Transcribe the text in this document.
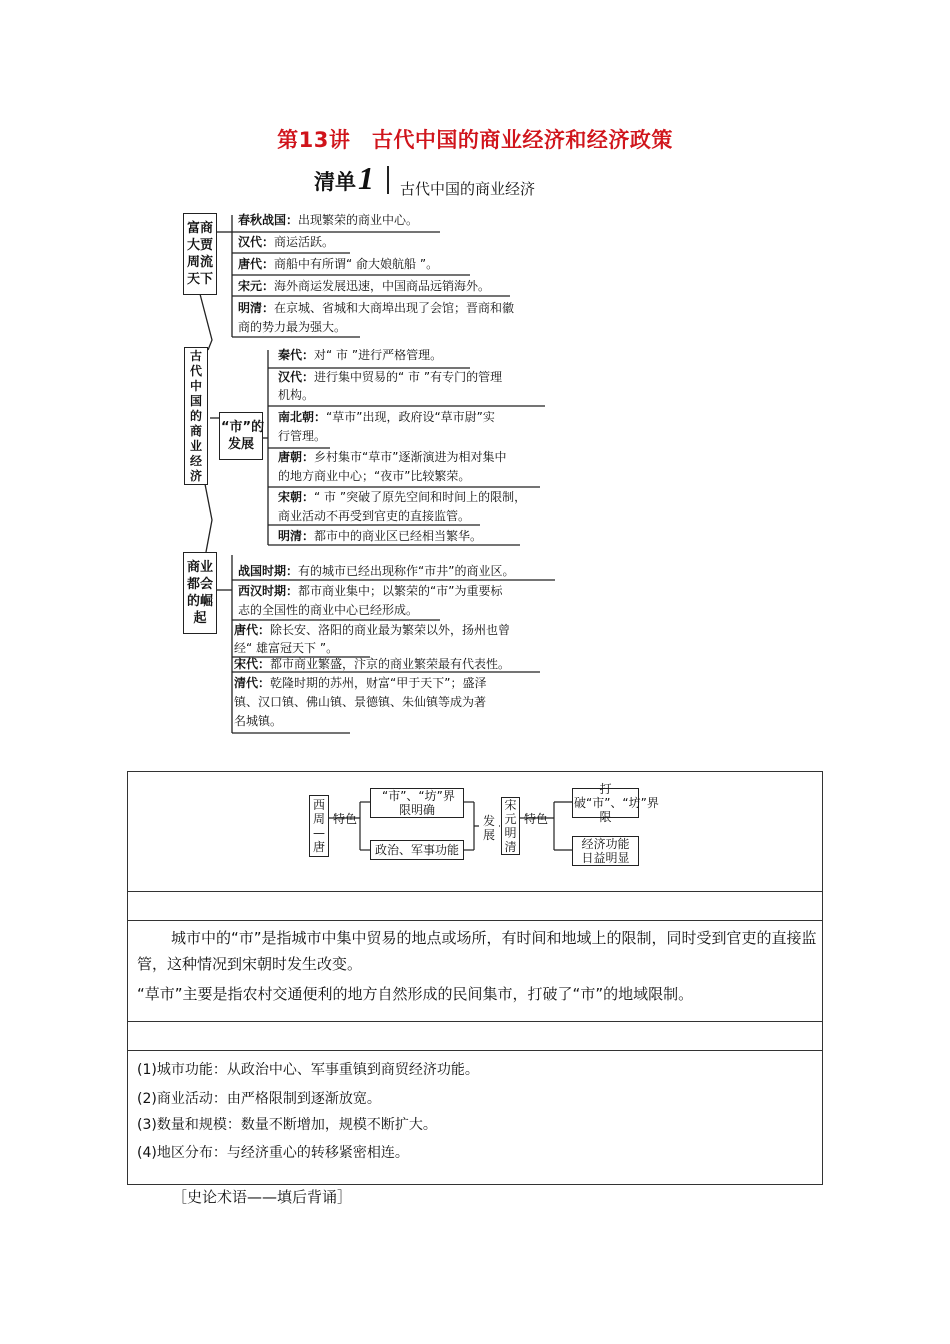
第13讲　古代中国的商业经济和经济政策
清单1 古代中国的商业经济
富商大贾周流天下
古代中国的商业经济
“市”的发展
商业都会的崛起
春秋战国：出现繁荣的商业中心。
汉代：商运活跃。
唐代：商船中有所谓“ 俞大娘航船 ”。
宋元：海外商运发展迅速，中国商品远销海外。
明清：在京城、省城和大商埠出现了会馆；晋商和徽
商的势力最为强大。
秦代：对“ 市 ”进行严格管理。
汉代：进行集中贸易的“ 市 ”有专门的管理
机构。
南北朝：“草市”出现，政府设“草市尉”实
行管理。
唐朝：乡村集市“草市”逐渐演进为相对集中
的地方商业中心；“夜市”比较繁荣。
宋朝：“ 市 ”突破了原先空间和时间上的限制，
商业活动不再受到官吏的直接监管。
明清：都市中的商业区已经相当繁华。
战国时期：有的城市已经出现称作“市井”的商业区。
西汉时期：都市商业集中；以繁荣的“市”为重要标
志的全国性的商业中心已经形成。
唐代：除长安、洛阳的商业最为繁荣以外，扬州也曾
经“ 雄富冠天下 ”。
宋代：都市商业繁盛，汴京的商业繁荣最有代表性。
清代：乾隆时期的苏州，财富“甲于天下”；盛泽
镇、汉口镇、佛山镇、景德镇、朱仙镇等成为著
名城镇。
西周—唐
特色
“市”、“坊”界限明确
政治、军事功能
发展
宋元明清
特色
打破“市”、“坊”界限
经济功能日益明显
城市中的“市”是指城市中集中贸易的地点或场所，有时间和地域上的限制，同时受到官吏的直接监管，这种情况到宋朝时发生改变。
“草市”主要是指农村交通便利的地方自然形成的民间集市，打破了“市”的地域限制。
(1)城市功能：从政治中心、军事重镇到商贸经济功能。
(2)商业活动：由严格限制到逐渐放宽。
(3)数量和规模：数量不断增加，规模不断扩大。
(4)地区分布：与经济重心的转移紧密相连。
［史论术语——填后背诵］
